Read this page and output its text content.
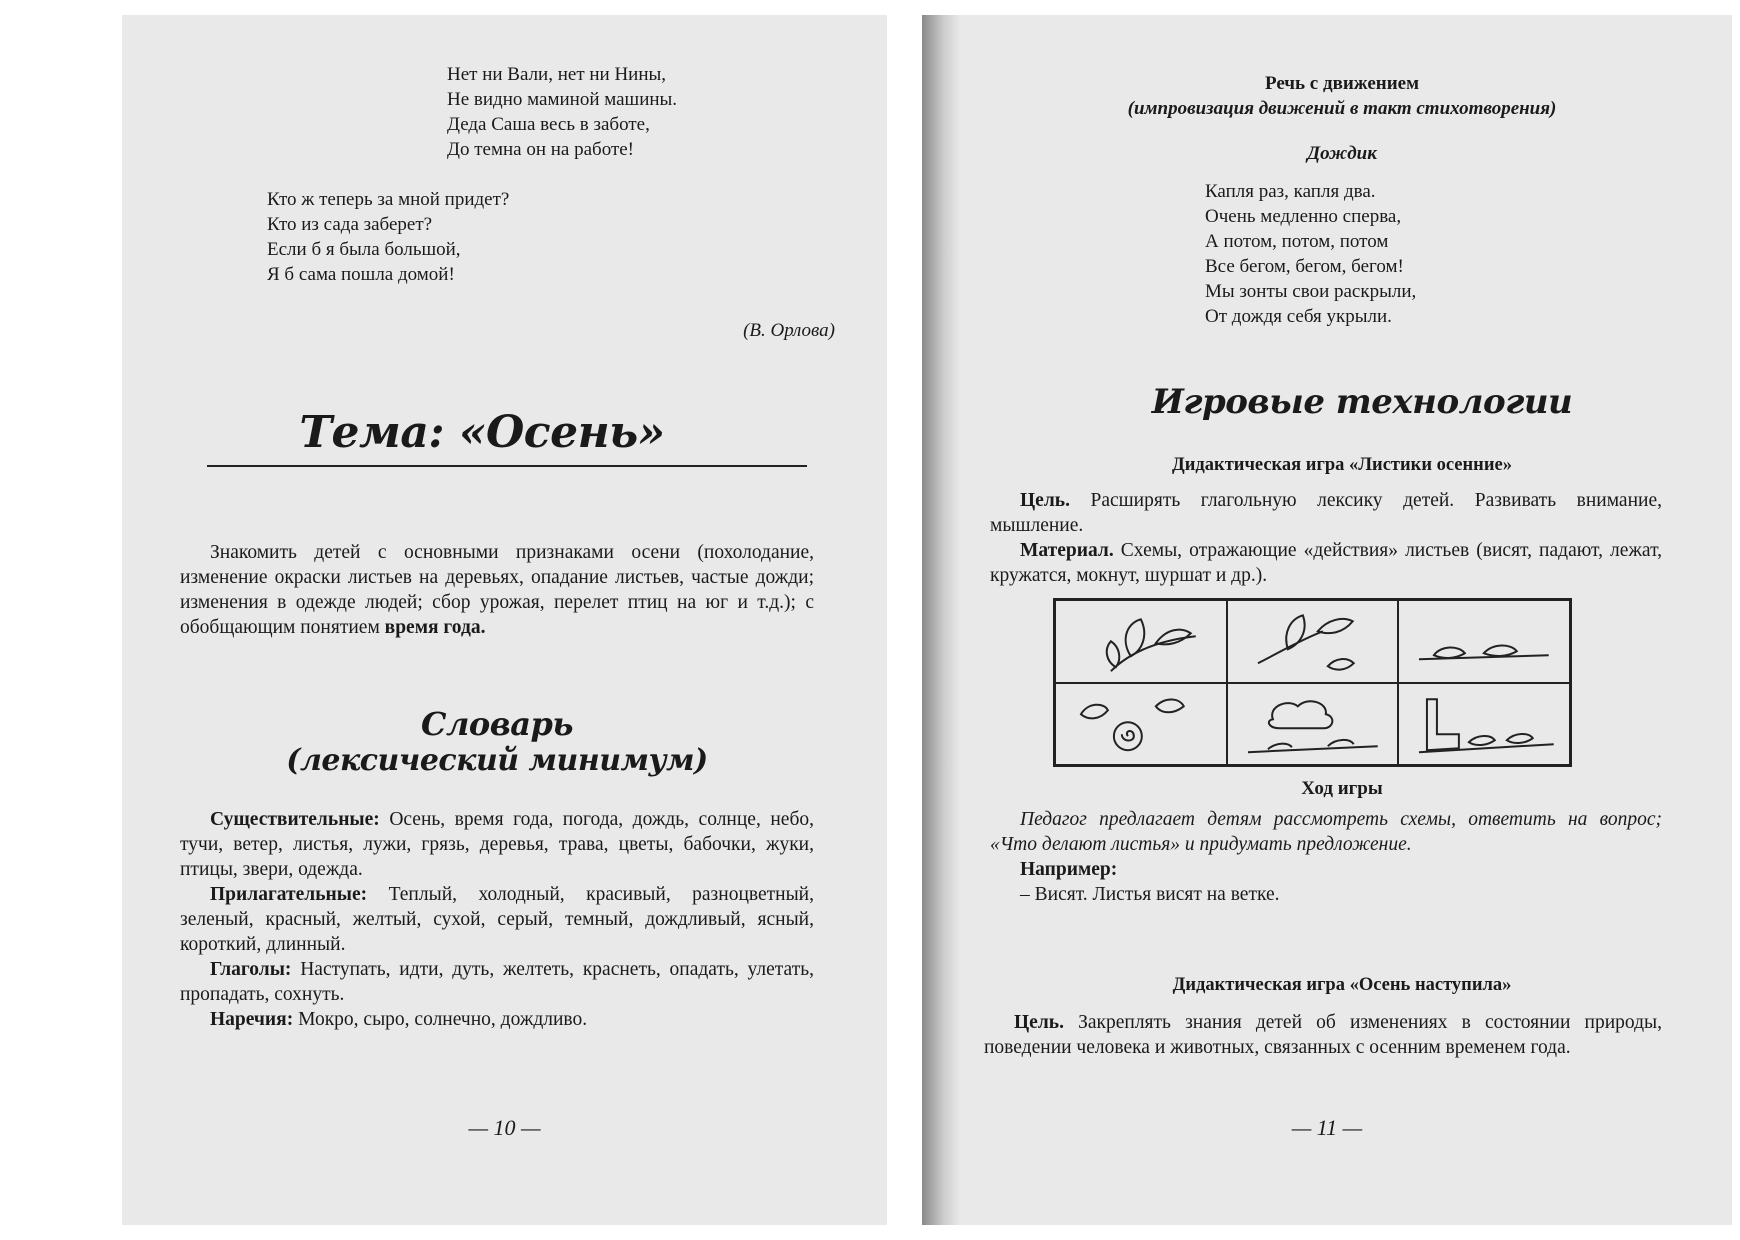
Нет ни Вали, нет ни Нины,
Не видно маминой машины.
Деда Саша весь в заботе,
До темна он на работе!
Кто ж теперь за мной придет?
Кто из сада заберет?
Если б я была большой,
Я б сама пошла домой!
(В. Орлова)
Тема: «Осень»

Знакомить детей с основными признаками осени (похолодание, изменение окраски листьев на деревьях, опадание листьев, частые дожди; изменения в одежде людей; сбор урожая, перелет птиц на юг и т.д.); с обобщающим понятием время года.

Словарь
(лексический минимум)

Существительные: Осень, время года, погода, дождь, солнце, небо, тучи, ветер, листья, лужи, грязь, деревья, трава, цветы, бабочки, жуки, птицы, звери, одежда.

Прилагательные: Теплый, холодный, красивый, разноцветный, зеленый, красный, желтый, сухой, серый, темный, дождливый, ясный, короткий, длинный.

Глаголы: Наступать, идти, дуть, желтеть, краснеть, опадать, улетать, пропадать, сохнуть.

Наречия: Мокро, сыро, солнечно, дождливо.

— 10 —
Речь с движением
(импровизация движений в такт стихотворения)
Дождик
Капля раз, капля два.
Очень медленно сперва,
А потом, потом, потом
Все бегом, бегом, бегом!
Мы зонты свои раскрыли,
От дождя себя укрыли.
Игровые технологии
Дидактическая игра «Листики осенние»

Цель. Расширять глагольную лексику детей. Развивать внимание, мышление.

Материал. Схемы, отражающие «действия» листьев (висят, падают, лежат, кружатся, мокнут, шуршат и др.).

Ход игры

Педагог предлагает детям рассмотреть схемы, ответить на вопрос; «Что делают листья» и придумать предложение.

Например:

– Висят. Листья висят на ветке.

Дидактическая игра «Осень наступила»

Цель. Закреплять знания детей об изменениях в состоянии природы, поведении человека и животных, связанных с осенним временем года.

— 11 —
